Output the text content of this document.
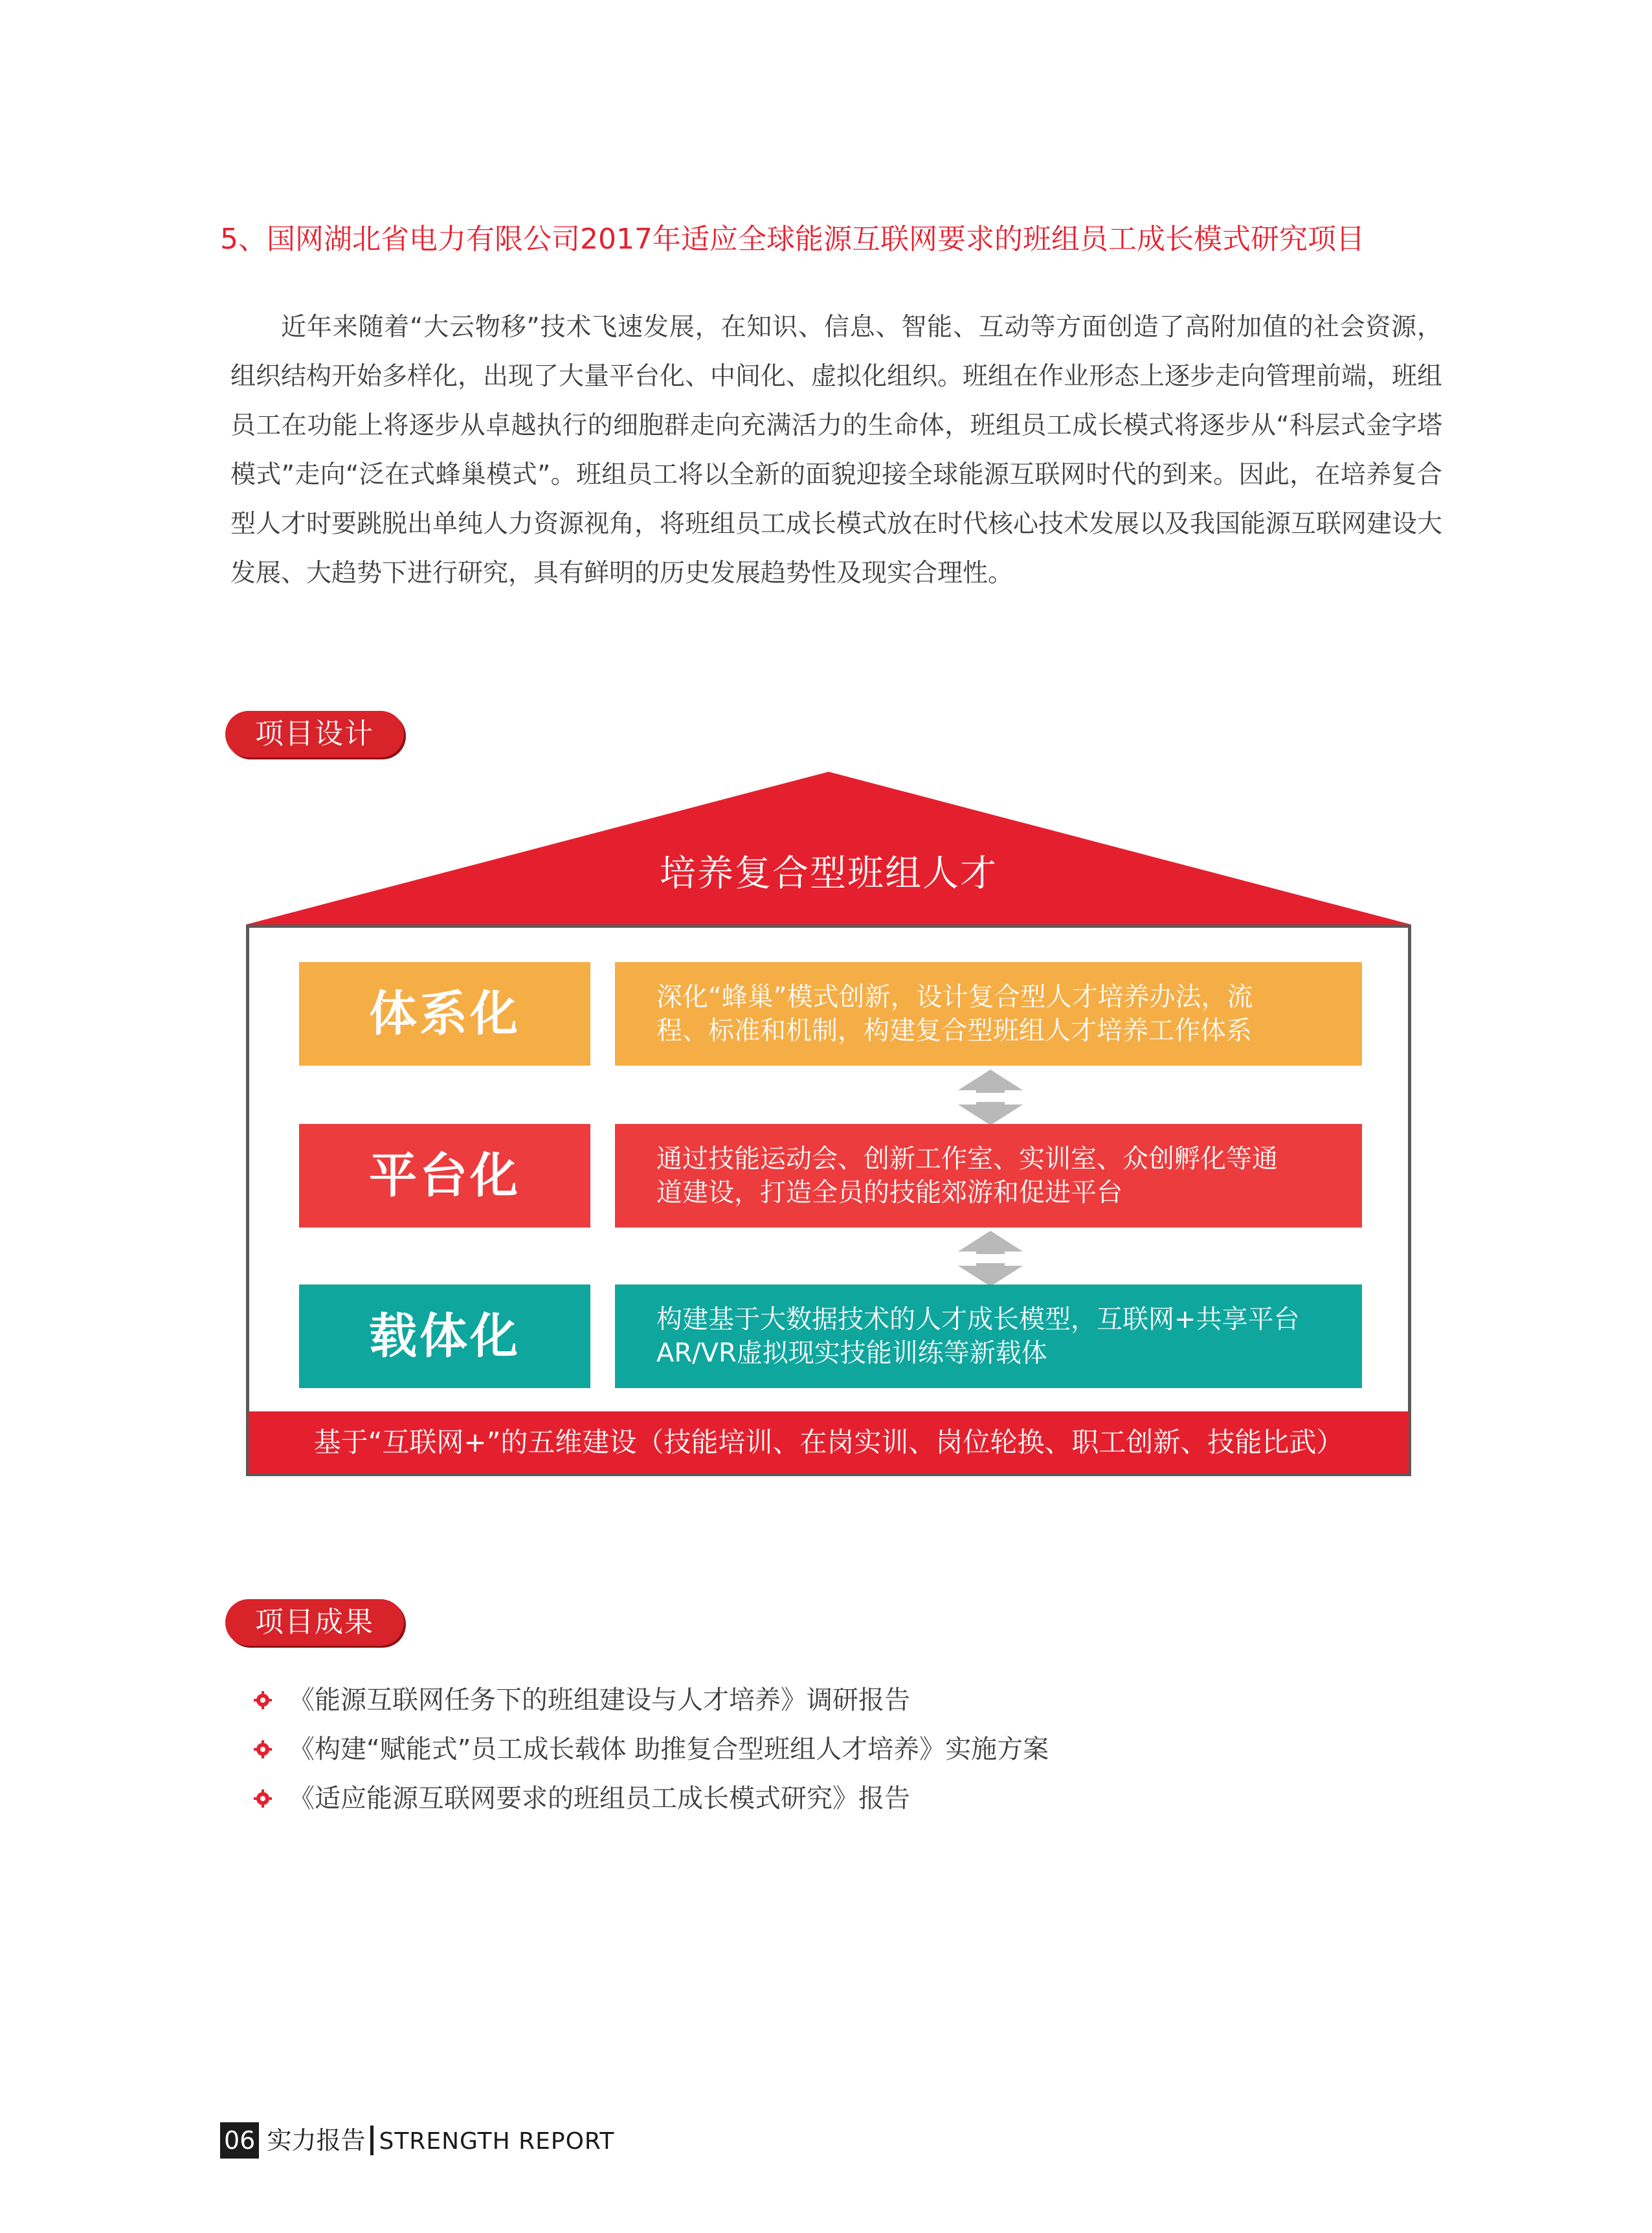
5、国网湖北省电力有限公司2017年适应全球能源互联网要求的班组员工成长模式研究项目

近年来随着“大云物移”技术飞速发展，在知识、信息、智能、互动等方面创造了高附加值的社会资源，组织结构开始多样化，出现了大量平台化、中间化、虚拟化组织。班组在作业形态上逐步走向管理前端，班组员工在功能上将逐步从卓越执行的细胞群走向充满活力的生命体，班组员工成长模式将逐步从“科层式金字塔模式”走向“泛在式蜂巢模式”。班组员工将以全新的面貌迎接全球能源互联网时代的到来。因此，在培养复合型人才时要跳脱出单纯人力资源视角，将班组员工成长模式放在时代核心技术发展以及我国能源互联网建设大发展、大趋势下进行研究，具有鲜明的历史发展趋势性及现实合理性。

项目设计
培养复合型班组人才
体系化	深化“蜂巢”模式创新，设计复合型人才培养办法，流
程、标准和机制，构建复合型班组人才培养工作体系
平台化	通过技能运动会、创新工作室、实训室、众创孵化等通
道建设，打造全员的技能郊游和促进平台
载体化	构建基于大数据技术的人才成长模型，互联网+共享平台
AR/VR虚拟现实技能训练等新载体
基于“互联网+”的五维建设（技能培训、在岗实训、岗位轮换、职工创新、技能比武）
项目成果
《能源互联网任务下的班组建设与人才培养》调研报告
《构建“赋能式”员工成长载体 助推复合型班组人才培养》实施方案
《适应能源互联网要求的班组员工成长模式研究》报告
06 实力报告 STRENGTH REPORT
